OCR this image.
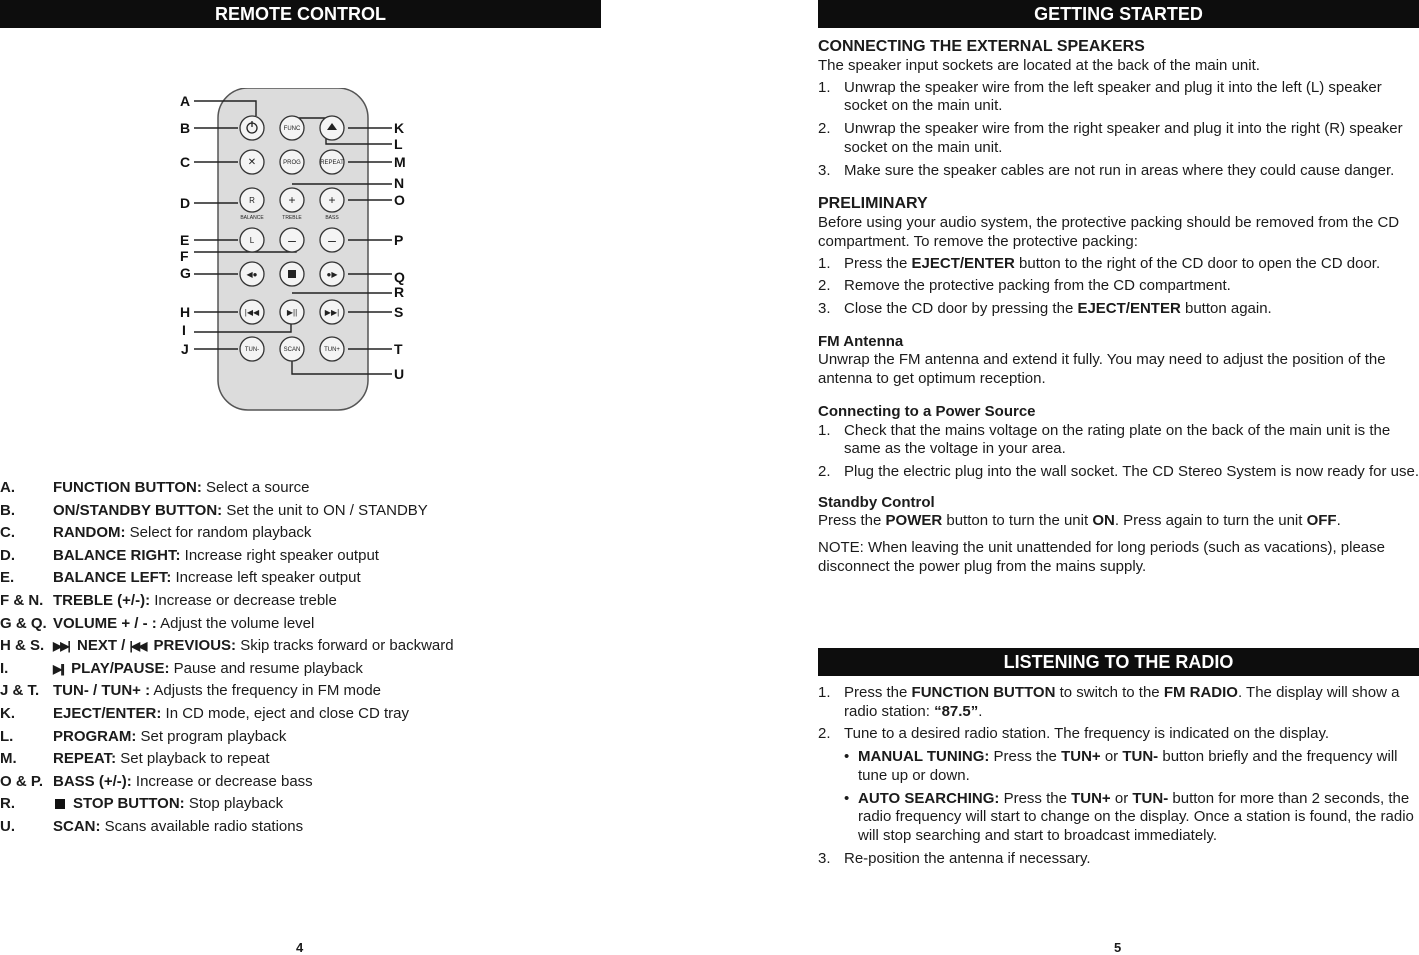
REMOTE CONTROL	GETTING STARTED
LISTENING TO THE RADIO
A
B
C
D
E
F
G
H
I
J
K
L
M
N
O
P
Q
R
S
T
U
FUNC
✕	PROG	REPEAT
R	+	+
BALANCE	TREBLE	BASS
L – –
◀●	●▶
|◀◀	▶||	▶▶|
TUN-	SCAN	TUN+
A.	FUNCTION BUTTON: Select a source
B.	ON/STANDBY BUTTON: Set the unit to ON / STANDBY
C.	RANDOM: Select for random playback
D.	BALANCE RIGHT: Increase right speaker output
E.	BALANCE LEFT: Increase left speaker output
F & N. TREBLE (+/-): Increase or decrease treble
G & Q. VOLUME + / - : Adjust the volume level
H & S. ▶▶| NEXT / |◀◀ PREVIOUS: Skip tracks forward or backward
I.	▶|| PLAY/PAUSE: Pause and resume playback
J & T. TUN- / TUN+ : Adjusts the frequency in FM mode
K.	EJECT/ENTER: In CD mode, eject and close CD tray
L.	PROGRAM: Set program playback
M. REPEAT: Set playback to repeat
O & P. BASS (+/-): Increase or decrease bass
R.	STOP BUTTON: Stop playback
U.	SCAN: Scans available radio stations
4	5
CONNECTING THE EXTERNAL SPEAKERS

The speaker input sockets are located at the back of the main unit.

1. Unwrap the speaker wire from the left speaker and plug it into the left (L) speaker socket on the main unit.
2. Unwrap the speaker wire from the right speaker and plug it into the right (R) speaker socket on the main unit.
3. Make sure the speaker cables are not run in areas where they could cause danger.
PRELIMINARY

Before using your audio system, the protective packing should be removed from the CD compartment. To remove the protective packing:

1. Press the EJECT/ENTER button to the right of the CD door to open the CD door.
2. Remove the protective packing from the CD compartment.
3. Close the CD door by pressing the EJECT/ENTER button again.
FM Antenna

Unwrap the FM antenna and extend it fully. You may need to adjust the position of the antenna to get optimum reception.

Connecting to a Power Source
1. Check that the mains voltage on the rating plate on the back of the main unit is the same as the voltage in your area.
2. Plug the electric plug into the wall socket. The CD Stereo System is now ready for use.
Standby Control

Press the POWER button to turn the unit ON. Press again to turn the unit OFF.

NOTE: When leaving the unit unattended for long periods (such as vacations), please disconnect the power plug from the mains supply.

1. Press the FUNCTION BUTTON to switch to the FM RADIO. The display will show a radio station: “87.5”.
2. Tune to a desired radio station. The frequency is indicated on the display.
• MANUAL TUNING: Press the TUN+ or TUN- button briefly and the frequency will tune up or down.
• AUTO SEARCHING: Press the TUN+ or TUN- button for more than 2 seconds, the radio frequency will start to change on the display. Once a station is found, the radio will stop searching and start to broadcast immediately.
3. Re-position the antenna if necessary.
